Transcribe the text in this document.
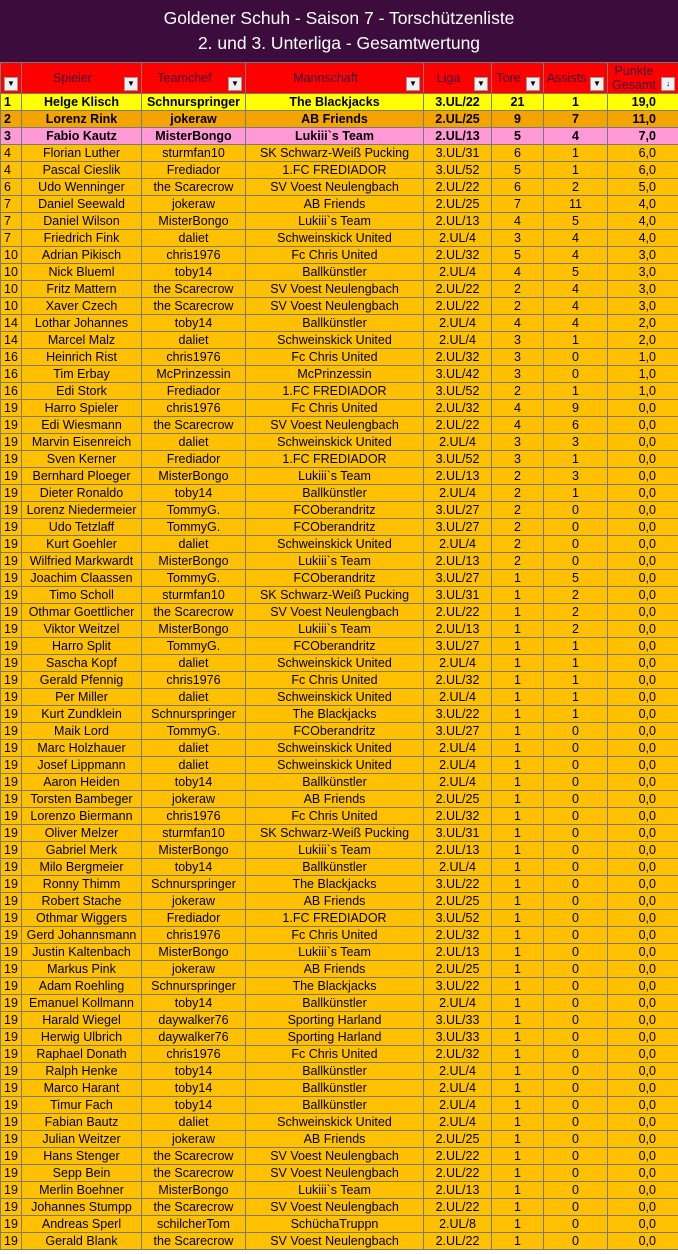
Goldener Schuh - Saison 7 - Torschützenliste
2. und 3. Unterliga - Gesamtwertung
▼	Spieler ▼	Teamchef ▼	Mannschaft ▼	Liga ▼	Tore ▼	Assists ▼	Punkte Gesamt ↓

1	Helge Klisch	Schnurspringer	The Blackjacks	3.UL/22	21	1	19,0
2	Lorenz Rink	jokeraw	AB Friends	2.UL/25	9	7	11,0
3	Fabio Kautz	MisterBongo	Lukiii`s Team	2.UL/13	5	4	7,0
4	Florian Luther	sturmfan10	SK Schwarz-Weiß Pucking	3.UL/31	6	1	6,0
4	Pascal Cieslik	Frediador	1.FC FREDIADOR	3.UL/52	5	1	6,0
6	Udo Wenninger	the Scarecrow	SV Voest Neulengbach	2.UL/22	6	2	5,0
7	Daniel Seewald	jokeraw	AB Friends	2.UL/25	7	11	4,0
7	Daniel Wilson	MisterBongo	Lukiii`s Team	2.UL/13	4	5	4,0
7	Friedrich Fink	daliet	Schweinskick United	2.UL/4	3	4	4,0
10	Adrian Pikisch	chris1976	Fc Chris United	2.UL/32	5	4	3,0
10	Nick Blueml	toby14	Ballkünstler	2.UL/4	4	5	3,0
10	Fritz Mattern	the Scarecrow	SV Voest Neulengbach	2.UL/22	2	4	3,0
10	Xaver Czech	the Scarecrow	SV Voest Neulengbach	2.UL/22	2	4	3,0
14	Lothar Johannes	toby14	Ballkünstler	2.UL/4	4	4	2,0
14	Marcel Malz	daliet	Schweinskick United	2.UL/4	3	1	2,0
16	Heinrich Rist	chris1976	Fc Chris United	2.UL/32	3	0	1,0
16	Tim Erbay	McPrinzessin	McPrinzessin	3.UL/42	3	0	1,0
16	Edi Stork	Frediador	1.FC FREDIADOR	3.UL/52	2	1	1,0
19	Harro Spieler	chris1976	Fc Chris United	2.UL/32	4	9	0,0
19	Edi Wiesmann	the Scarecrow	SV Voest Neulengbach	2.UL/22	4	6	0,0
19	Marvin Eisenreich	daliet	Schweinskick United	2.UL/4	3	3	0,0
19	Sven Kerner	Frediador	1.FC FREDIADOR	3.UL/52	3	1	0,0
19	Bernhard Ploeger	MisterBongo	Lukiii`s Team	2.UL/13	2	3	0,0
19	Dieter Ronaldo	toby14	Ballkünstler	2.UL/4	2	1	0,0
19	Lorenz Niedermeier	TommyG.	FCOberandritz	3.UL/27	2	0	0,0
19	Udo Tetzlaff	TommyG.	FCOberandritz	3.UL/27	2	0	0,0
19	Kurt Goehler	daliet	Schweinskick United	2.UL/4	2	0	0,0
19	Wilfried Markwardt	MisterBongo	Lukiii`s Team	2.UL/13	2	0	0,0
19	Joachim Claassen	TommyG.	FCOberandritz	3.UL/27	1	5	0,0
19	Timo Scholl	sturmfan10	SK Schwarz-Weiß Pucking	3.UL/31	1	2	0,0
19	Othmar Goettlicher	the Scarecrow	SV Voest Neulengbach	2.UL/22	1	2	0,0
19	Viktor Weitzel	MisterBongo	Lukiii`s Team	2.UL/13	1	2	0,0
19	Harro Split	TommyG.	FCOberandritz	3.UL/27	1	1	0,0
19	Sascha Kopf	daliet	Schweinskick United	2.UL/4	1	1	0,0
19	Gerald Pfennig	chris1976	Fc Chris United	2.UL/32	1	1	0,0
19	Per Miller	daliet	Schweinskick United	2.UL/4	1	1	0,0
19	Kurt Zundklein	Schnurspringer	The Blackjacks	3.UL/22	1	1	0,0
19	Maik Lord	TommyG.	FCOberandritz	3.UL/27	1	0	0,0
19	Marc Holzhauer	daliet	Schweinskick United	2.UL/4	1	0	0,0
19	Josef Lippmann	daliet	Schweinskick United	2.UL/4	1	0	0,0
19	Aaron Heiden	toby14	Ballkünstler	2.UL/4	1	0	0,0
19	Torsten Bambeger	jokeraw	AB Friends	2.UL/25	1	0	0,0
19	Lorenzo Biermann	chris1976	Fc Chris United	2.UL/32	1	0	0,0
19	Oliver Melzer	sturmfan10	SK Schwarz-Weiß Pucking	3.UL/31	1	0	0,0
19	Gabriel Merk	MisterBongo	Lukiii`s Team	2.UL/13	1	0	0,0
19	Milo Bergmeier	toby14	Ballkünstler	2.UL/4	1	0	0,0
19	Ronny Thimm	Schnurspringer	The Blackjacks	3.UL/22	1	0	0,0
19	Robert Stache	jokeraw	AB Friends	2.UL/25	1	0	0,0
19	Othmar Wiggers	Frediador	1.FC FREDIADOR	3.UL/52	1	0	0,0
19	Gerd Johannsmann	chris1976	Fc Chris United	2.UL/32	1	0	0,0
19	Justin Kaltenbach	MisterBongo	Lukiii`s Team	2.UL/13	1	0	0,0
19	Markus Pink	jokeraw	AB Friends	2.UL/25	1	0	0,0
19	Adam Roehling	Schnurspringer	The Blackjacks	3.UL/22	1	0	0,0
19	Emanuel Kollmann	toby14	Ballkünstler	2.UL/4	1	0	0,0
19	Harald Wiegel	daywalker76	Sporting Harland	3.UL/33	1	0	0,0
19	Herwig Ulbrich	daywalker76	Sporting Harland	3.UL/33	1	0	0,0
19	Raphael Donath	chris1976	Fc Chris United	2.UL/32	1	0	0,0
19	Ralph Henke	toby14	Ballkünstler	2.UL/4	1	0	0,0
19	Marco Harant	toby14	Ballkünstler	2.UL/4	1	0	0,0
19	Timur Fach	toby14	Ballkünstler	2.UL/4	1	0	0,0
19	Fabian Bautz	daliet	Schweinskick United	2.UL/4	1	0	0,0
19	Julian Weitzer	jokeraw	AB Friends	2.UL/25	1	0	0,0
19	Hans Stenger	the Scarecrow	SV Voest Neulengbach	2.UL/22	1	0	0,0
19	Sepp Bein	the Scarecrow	SV Voest Neulengbach	2.UL/22	1	0	0,0
19	Merlin Boehner	MisterBongo	Lukiii`s Team	2.UL/13	1	0	0,0
19	Johannes Stumpp	the Scarecrow	SV Voest Neulengbach	2.UL/22	1	0	0,0
19	Andreas Sperl	schilcherTom	SchüchaTruppn	2.UL/8	1	0	0,0
19	Gerald Blank	the Scarecrow	SV Voest Neulengbach	2.UL/22	1	0	0,0
